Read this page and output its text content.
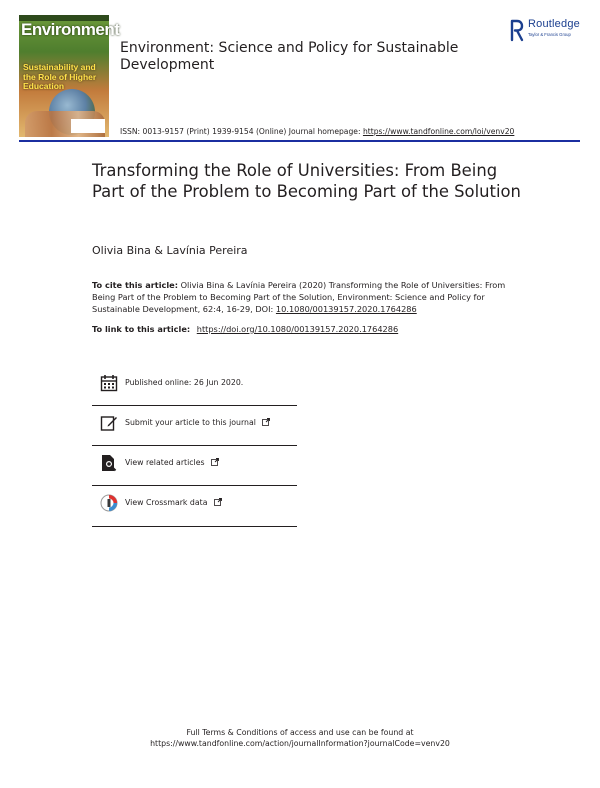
Environment
Sustainability and the Role of Higher Education
Environment: Science and Policy for Sustainable Development
Routledge
Taylor & Francis Group
ISSN: 0013-9157 (Print) 1939-9154 (Online) Journal homepage: https://www.tandfonline.com/loi/venv20
Transforming the Role of Universities: From Being Part of the Problem to Becoming Part of the Solution
Olivia Bina & Lavínia Pereira
To cite this article: Olivia Bina & Lavínia Pereira (2020) Transforming the Role of Universities: From Being Part of the Problem to Becoming Part of the Solution, Environment: Science and Policy for Sustainable Development, 62:4, 16-29, DOI: 10.1080/00139157.2020.1764286
To link to this article: https://doi.org/10.1080/00139157.2020.1764286
Published online: 26 Jun 2020.
Submit your article to this journal
View related articles
View Crossmark data
Full Terms & Conditions of access and use can be found at
https://www.tandfonline.com/action/journalInformation?journalCode=venv20
